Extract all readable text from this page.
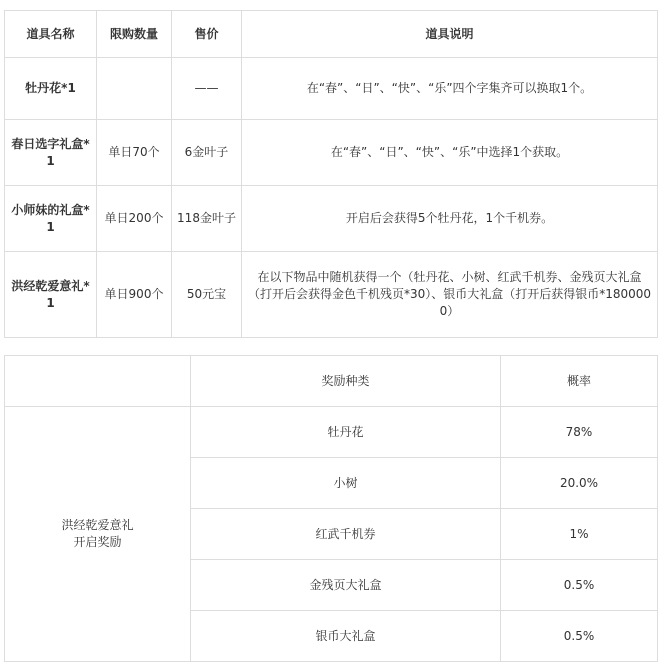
道具名称	限购数量	售价	道具说明
牡丹花*1		——	在“春”、“日”、“快”、“乐”四个字集齐可以换取1个。
春日选字礼盒*1	单日70个	6金叶子	在“春”、“日”、“快”、“乐”中选择1个获取。
小师妹的礼盒*1	单日200个	118金叶子	开启后会获得5个牡丹花，1个千机券。
洪经乾爱意礼*1	单日900个	50元宝	在以下物品中随机获得一个（牡丹花、小树、红武千机券、金残页大礼盒（打开后会获得金色千机残页*30）、银币大礼盒（打开后获得银币*1800000）
	奖励种类	概率

洪经乾爱意礼
开启奖励	牡丹花	78%
	小树	20.0%
	红武千机券	1%
	金残页大礼盒	0.5%
	银币大礼盒	0.5%
